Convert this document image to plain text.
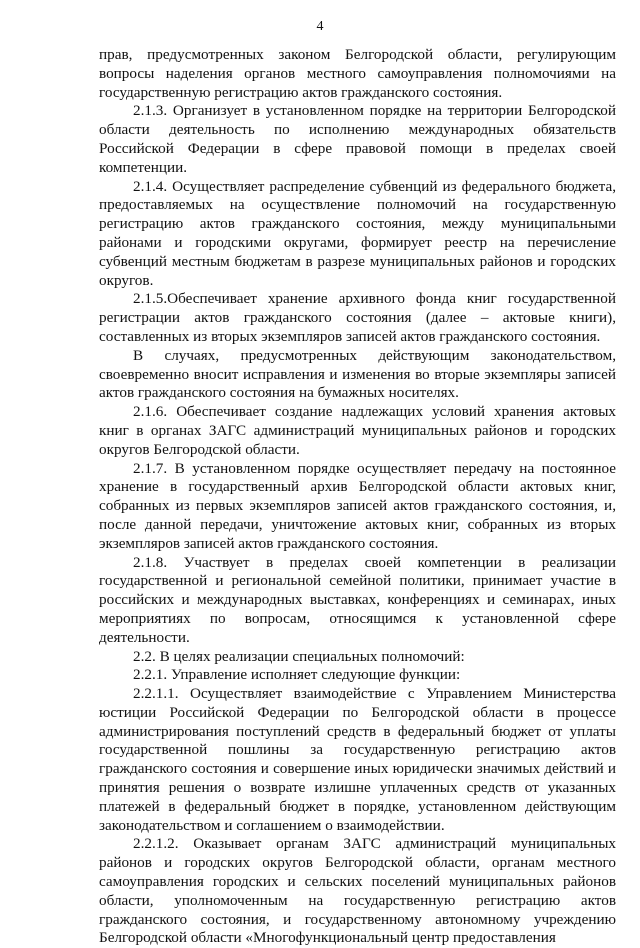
4

прав, предусмотренных законом Белгородской области, регулирующим вопросы наделения органов местного самоуправления полномочиями на государственную регистрацию актов гражданского состояния.

2.1.3. Организует в установленном порядке на территории Белгородской области деятельность по исполнению международных обязательств Российской Федерации в сфере правовой помощи в пределах своей компетенции.

2.1.4. Осуществляет распределение субвенций из федерального бюджета, предоставляемых на осуществление полномочий на государственную регистрацию актов гражданского состояния, между муниципальными районами и городскими округами, формирует реестр на перечисление субвенций местным бюджетам в разрезе муниципальных районов и городских округов.

2.1.5.Обеспечивает хранение архивного фонда книг государственной регистрации актов гражданского состояния (далее – актовые книги), составленных из вторых экземпляров записей актов гражданского состояния.

В случаях, предусмотренных действующим законодательством, своевременно вносит исправления и изменения во вторые экземпляры записей актов гражданского состояния на бумажных носителях.

2.1.6. Обеспечивает создание надлежащих условий хранения актовых книг в органах ЗАГС администраций муниципальных районов и городских округов Белгородской области.

2.1.7. В установленном порядке осуществляет передачу на постоянное хранение в государственный архив Белгородской области актовых книг, собранных из первых экземпляров записей актов гражданского состояния, и, после данной передачи, уничтожение актовых книг, собранных из вторых экземпляров записей актов гражданского состояния.

2.1.8. Участвует в пределах своей компетенции в реализации государственной и региональной семейной политики, принимает участие в российских и международных выставках, конференциях и семинарах, иных мероприятиях по вопросам, относящимся к установленной сфере деятельности.

2.2. В целях реализации специальных полномочий:

2.2.1. Управление исполняет следующие функции:

2.2.1.1. Осуществляет взаимодействие с Управлением Министерства юстиции Российской Федерации по Белгородской области в процессе администрирования поступлений средств в федеральный бюджет от уплаты государственной пошлины за государственную регистрацию актов гражданского состояния и совершение иных юридически значимых действий и принятия решения о возврате излишне уплаченных средств от указанных платежей в федеральный бюджет в порядке, установленном действующим законодательством и соглашением о взаимодействии.

2.2.1.2. Оказывает органам ЗАГС администраций муниципальных районов и городских округов Белгородской области, органам местного самоуправления городских и сельских поселений муниципальных районов области, уполномоченным на государственную регистрацию актов гражданского состояния, и государственному автономному учреждению Белгородской области «Многофункциональный центр предоставления
